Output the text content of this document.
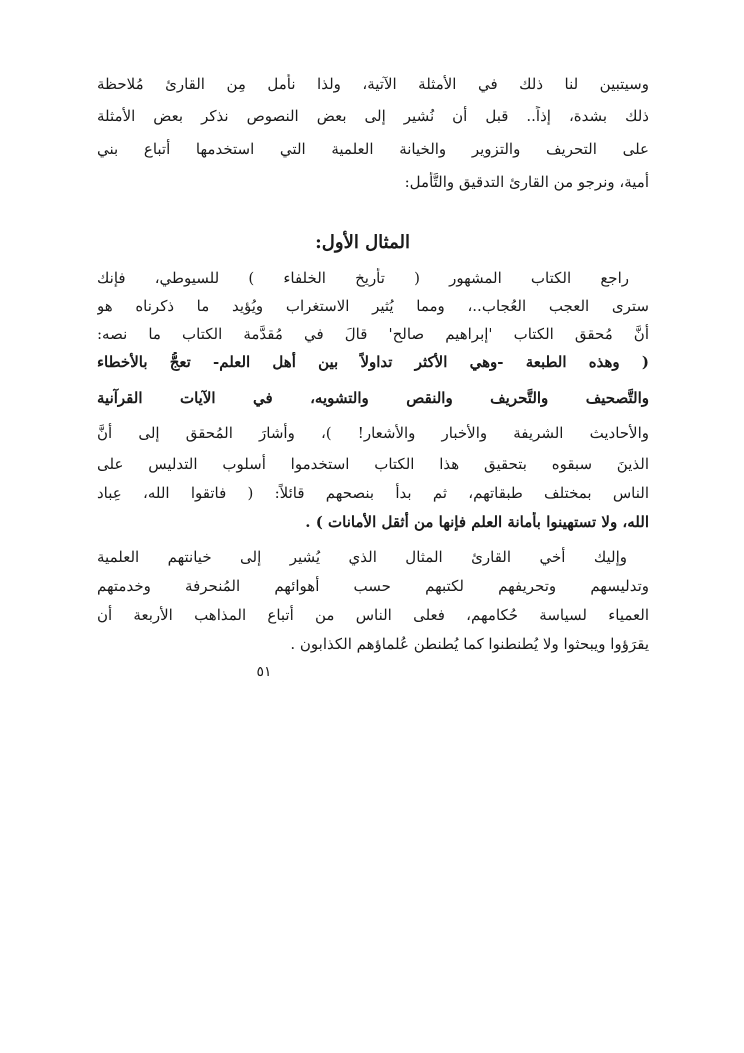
وسيتبين لنا ذلك في الأمثلة الآتية، ولذا نأمل مِن القارئ مُلاحظة
ذلك بشدة، إذاً.. قبل أن نُشير إلى بعض النصوص نذكر بعض الأمثلة
على التحريف والتزوير والخيانة العلمية التي استخدمها أتباع بني
أُمية، ونرجو من القارئ التدقيق والتَّأمل:
المثال الأول:
راجع الكتاب المشهور ( تأريخ الخلفاء ) للسيوطي، فإنك
سترى العجب العُجاب..، ومما يُثير الاستغراب ويُؤيد ما ذكرناه هو
أنَّ مُحقق الكتاب 'إبراهيم صالح' قالَ في مُقدَّمة الكتاب ما نصه:
( وهذه الطبعة -وهي الأكثر تداولاً بين أهل العلم- تعجُّ بالأخطاء
والتَّصحيف والتَّحريف والنقص والتشويه، في الآيات القرآنية
والأحاديث الشريفة والأخبار والأشعار! )، وأشارَ المُحقق إلى أنَّ
الذينَ سبقوه بتحقيق هذا الكتاب استخدموا أُسلوب التدليس على
الناس بمختلف طبقاتهم، ثم بدأ بنصحهم قائلاً: ( فاتقوا الله، عِباد
الله، ولا تستهينوا بأمانة العلم فإنها من أثقل الأمانات ) .
وإليك أخي القارئ المثال الذي يُشير إلى خيانتهم العلمية
وتدليسهم وتحريفهم لكتبهم حسب أهوائهم المُنحرفة وخدمتهم
العمياء لسياسة حُكامهم، فعلى الناس من أتباع المذاهب الأربعة أن
يقرَؤوا ويبحثوا ولا يُطنطنوا كما يُطنطن عُلماؤهم الكذابون .
٥١
